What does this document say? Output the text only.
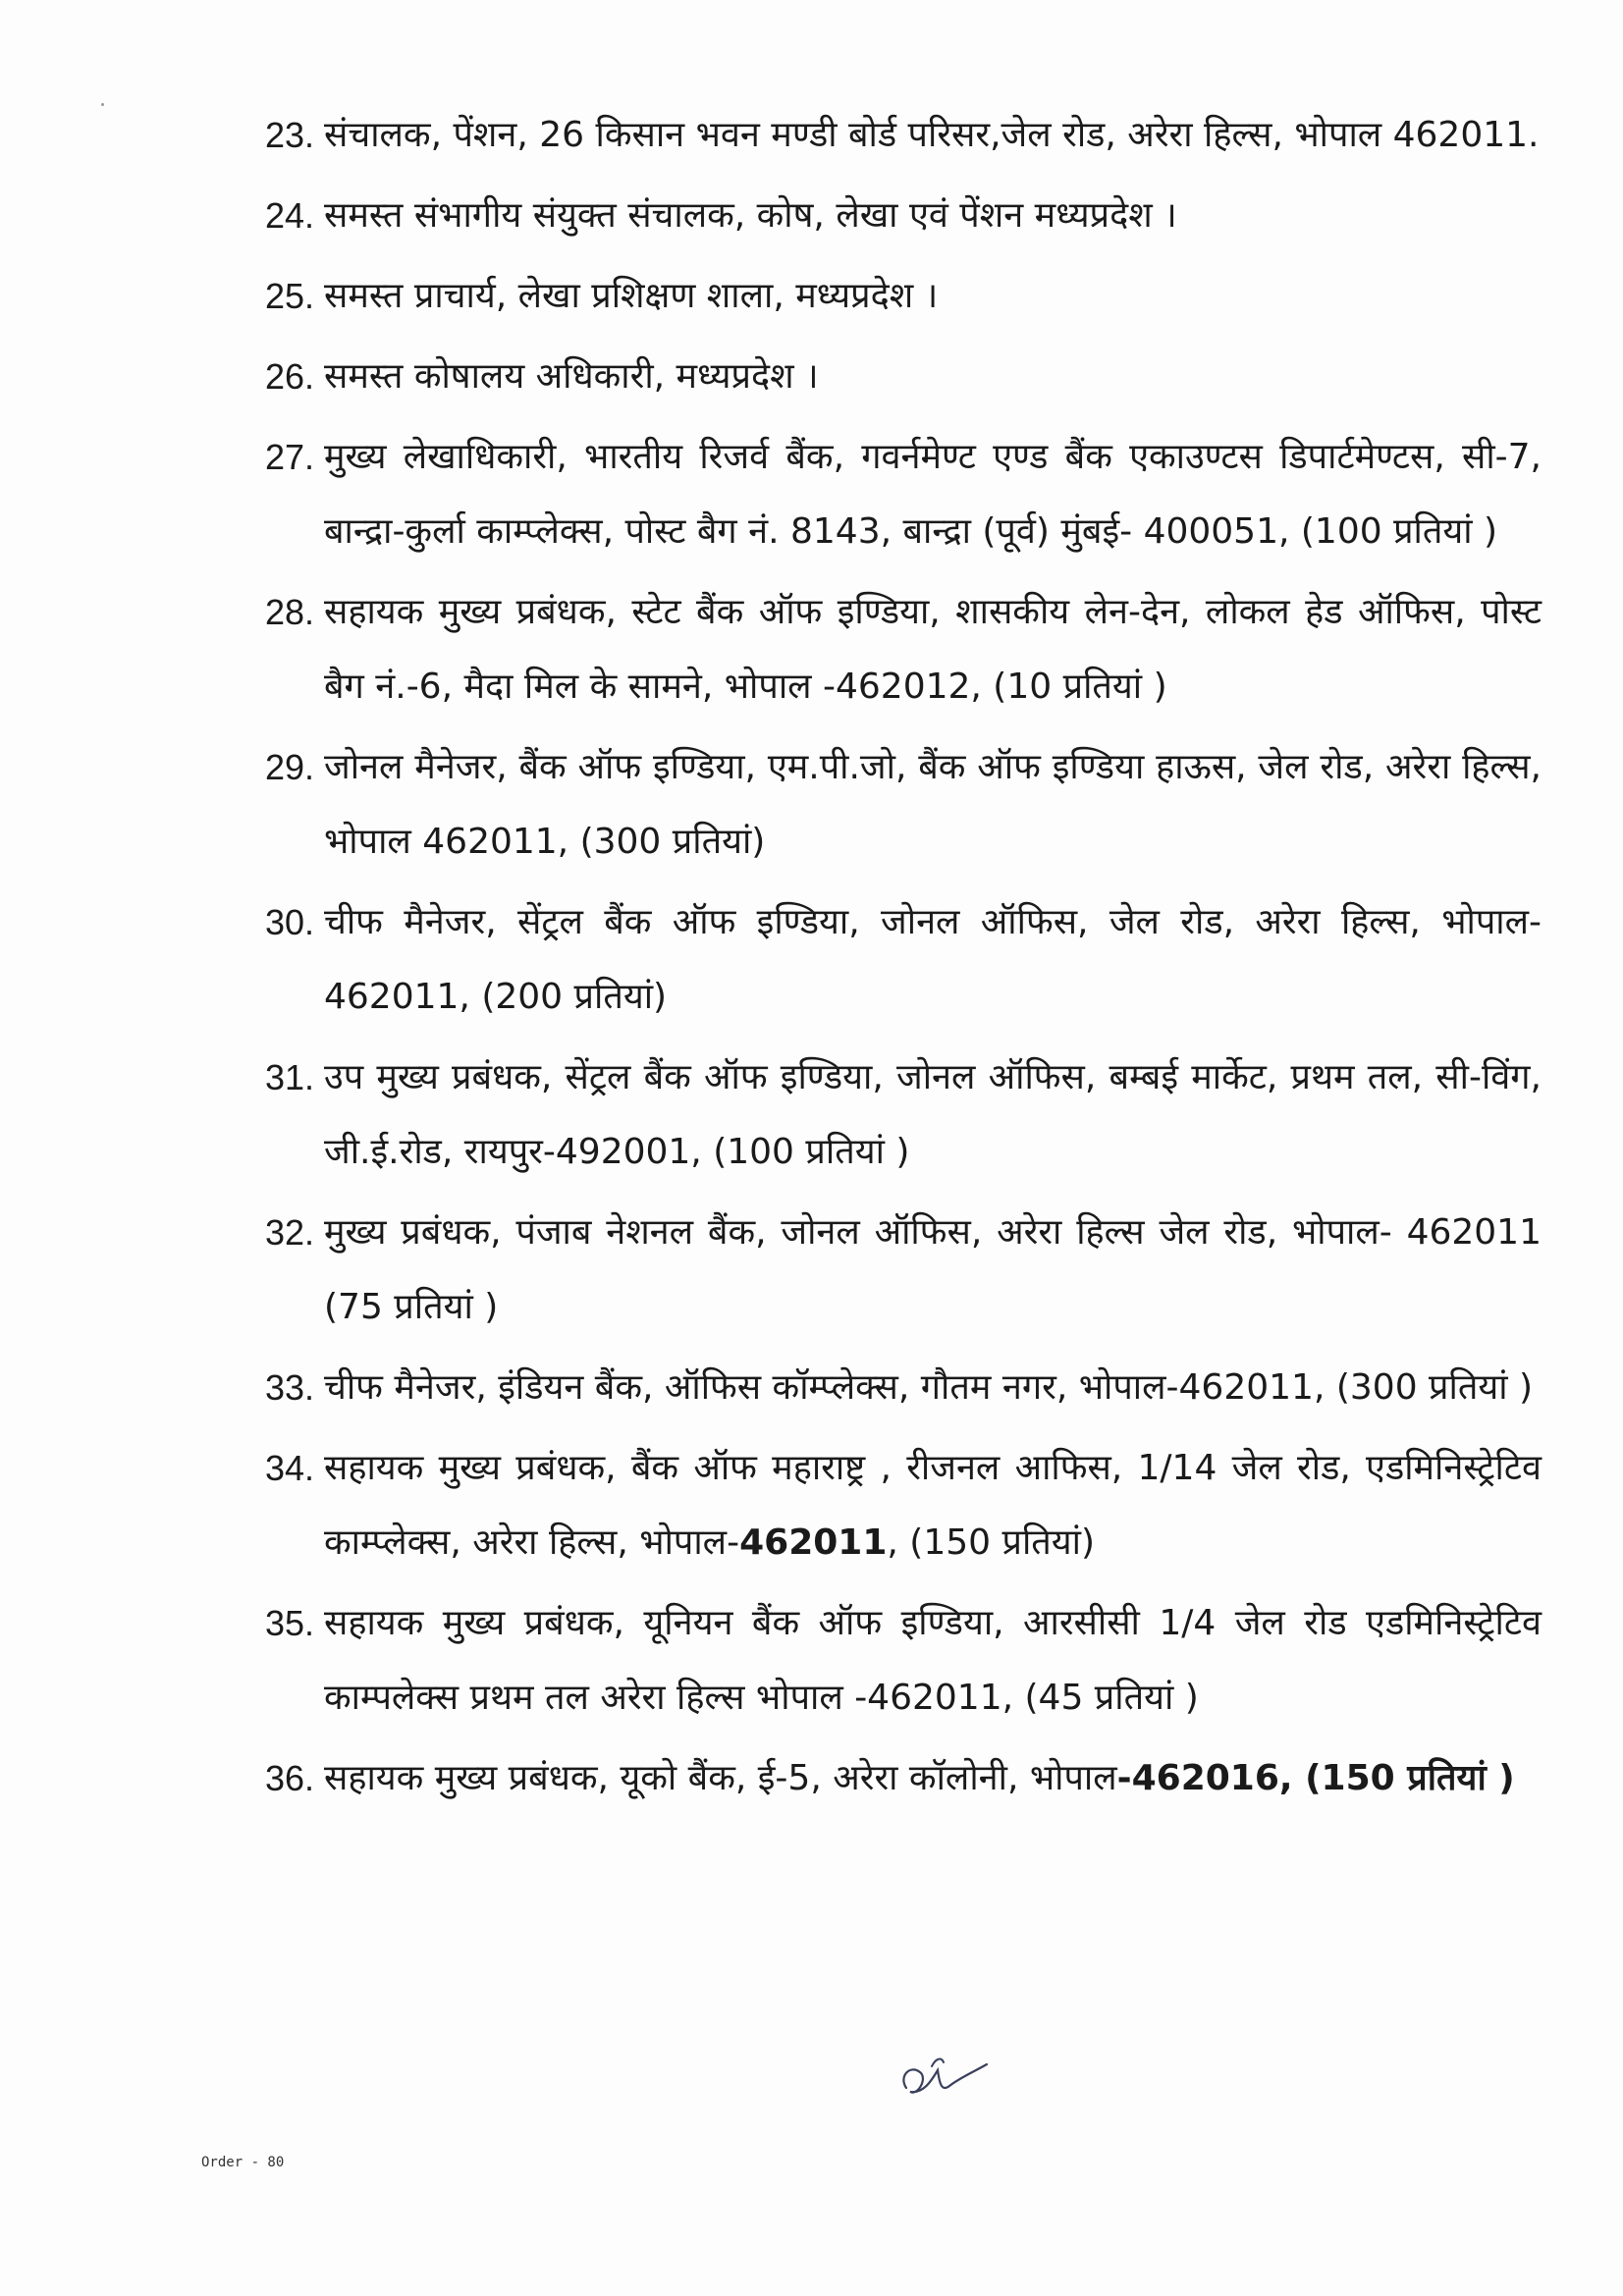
23. संचालक, पेंशन, 26 किसान भवन मण्डी बोर्ड परिसर,जेल रोड, अरेरा हिल्स, भोपाल 462011.
24. समस्त संभागीय संयुक्त संचालक, कोष, लेखा एवं पेंशन मध्यप्रदेश ।
25. समस्त प्राचार्य, लेखा प्रशिक्षण शाला, मध्यप्रदेश ।
26. समस्त कोषालय अधिकारी, मध्यप्रदेश ।
27. मुख्य लेखाधिकारी, भारतीय रिजर्व बैंक, गवर्नमेण्ट एण्ड बैंक एकाउण्टस डिपार्टमेण्टस, सी-7, बान्द्रा-कुर्ला काम्प्लेक्स, पोस्ट बैग नं. 8143, बान्द्रा (पूर्व) मुंबई- 400051, (100 प्रतियां )
28. सहायक मुख्य प्रबंधक, स्टेट बैंक ऑफ इण्डिया, शासकीय लेन-देन, लोकल हेड ऑफिस, पोस्ट बैग नं.-6, मैदा मिल के सामने, भोपाल -462012, (10 प्रतियां )
29. जोनल मैनेजर, बैंक ऑफ इण्डिया, एम.पी.जो, बैंक ऑफ इण्डिया हाऊस, जेल रोड, अरेरा हिल्स, भोपाल 462011, (300 प्रतियां)
30. चीफ मैनेजर, सेंट्रल बैंक ऑफ इण्डिया, जोनल ऑफिस, जेल रोड, अरेरा हिल्स, भोपाल- 462011, (200 प्रतियां)
31. उप मुख्य प्रबंधक, सेंट्रल बैंक ऑफ इण्डिया, जोनल ऑफिस, बम्बई मार्केट, प्रथम तल, सी-विंग, जी.ई.रोड, रायपुर-492001, (100 प्रतियां )
32. मुख्य प्रबंधक, पंजाब नेशनल बैंक, जोनल ऑफिस, अरेरा हिल्स जेल रोड, भोपाल- 462011 (75 प्रतियां )
33. चीफ मैनेजर, इंडियन बैंक, ऑफिस कॉम्प्लेक्स, गौतम नगर, भोपाल-462011, (300 प्रतियां )
34. सहायक मुख्य प्रबंधक, बैंक ऑफ महाराष्ट्र , रीजनल आफिस, 1/14 जेल रोड, एडमिनिस्ट्रेटिव काम्प्लेक्स, अरेरा हिल्स, भोपाल-462011, (150 प्रतियां)
35. सहायक मुख्य प्रबंधक, यूनियन बैंक ऑफ इण्डिया, आरसीसी 1/4 जेल रोड एडमिनिस्ट्रेटिव काम्पलेक्स प्रथम तल अरेरा हिल्स भोपाल -462011, (45 प्रतियां )
36. सहायक मुख्य प्रबंधक, यूको बैंक, ई-5, अरेरा कॉलोनी, भोपाल-462016, (150 प्रतियां )
Order - 80
